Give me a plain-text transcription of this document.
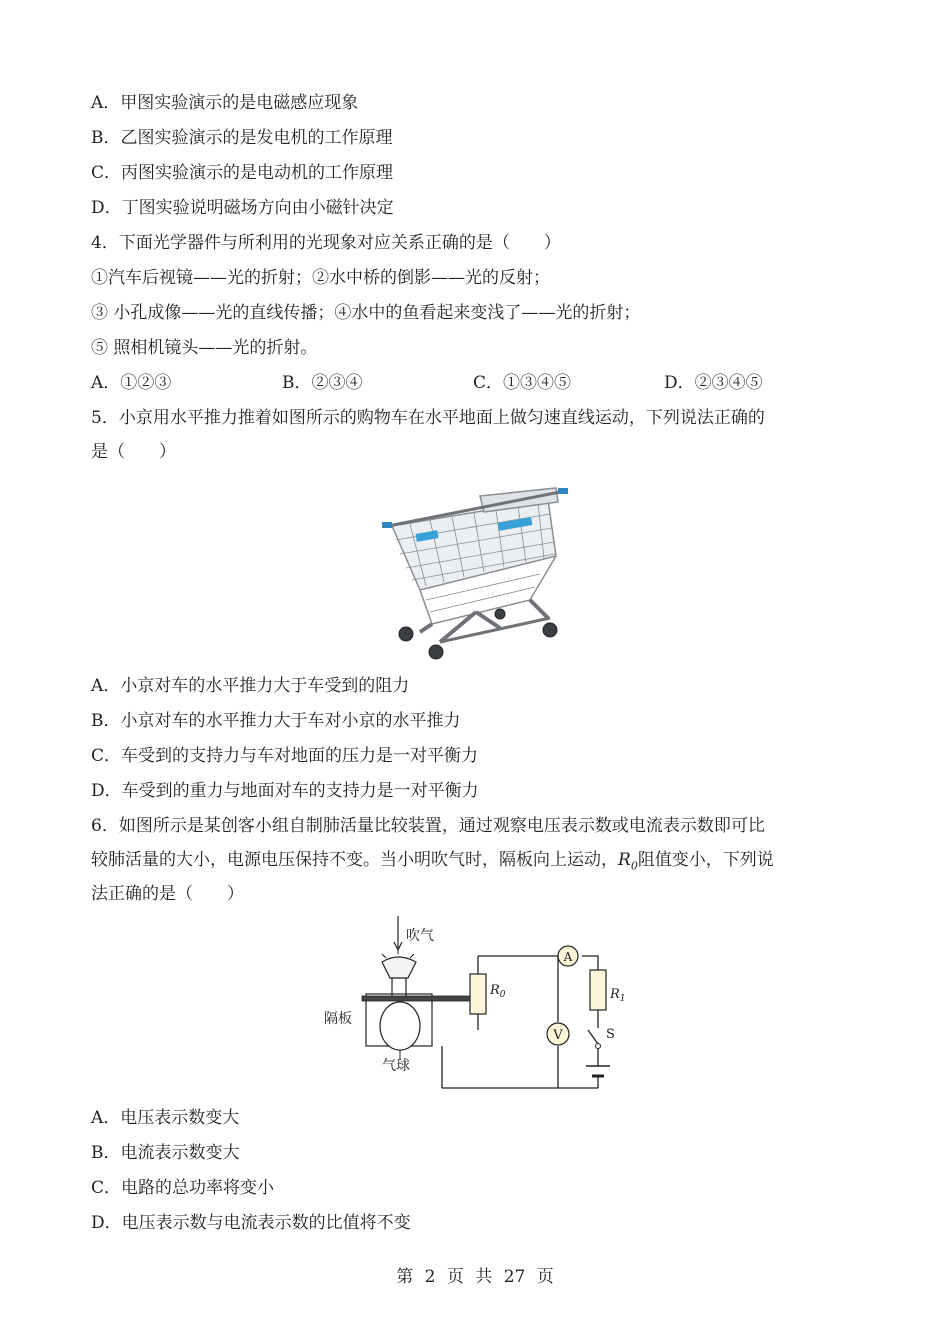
A．甲图实验演示的是电磁感应现象
B．乙图实验演示的是发电机的工作原理
C．丙图实验演示的是电动机的工作原理
D．丁图实验说明磁场方向由小磁针决定
4．下面光学器件与所利用的光现象对应关系正确的是（　　）
①汽车后视镜——光的折射；②水中桥的倒影——光的反射；
③ 小孔成像——光的直线传播；④水中的鱼看起来变浅了——光的折射；
⑤ 照相机镜头——光的折射。
A．①②③	B．②③④	C．①③④⑤	D．②③④⑤
5．小京用水平推力推着如图所示的购物车在水平地面上做匀速直线运动，下列说法正确的
是（　　）
A．小京对车的水平推力大于车受到的阻力
B．小京对车的水平推力大于车对小京的水平推力
C．车受到的支持力与车对地面的压力是一对平衡力
D．车受到的重力与地面对车的支持力是一对平衡力
6．如图所示是某创客小组自制肺活量比较装置，通过观察电压表示数或电流表示数即可比
较肺活量的大小，电源电压保持不变。当小明吹气时，隔板向上运动，$R_0$阻值变小，下列说
法正确的是（　　）
吹气
隔板
气球
$R_0$
V
A
$R_1$
S
A．电压表示数变大
B．电流表示数变大
C．电路的总功率将变小
D．电压表示数与电流表示数的比值将不变
第 2 页 共 27 页
